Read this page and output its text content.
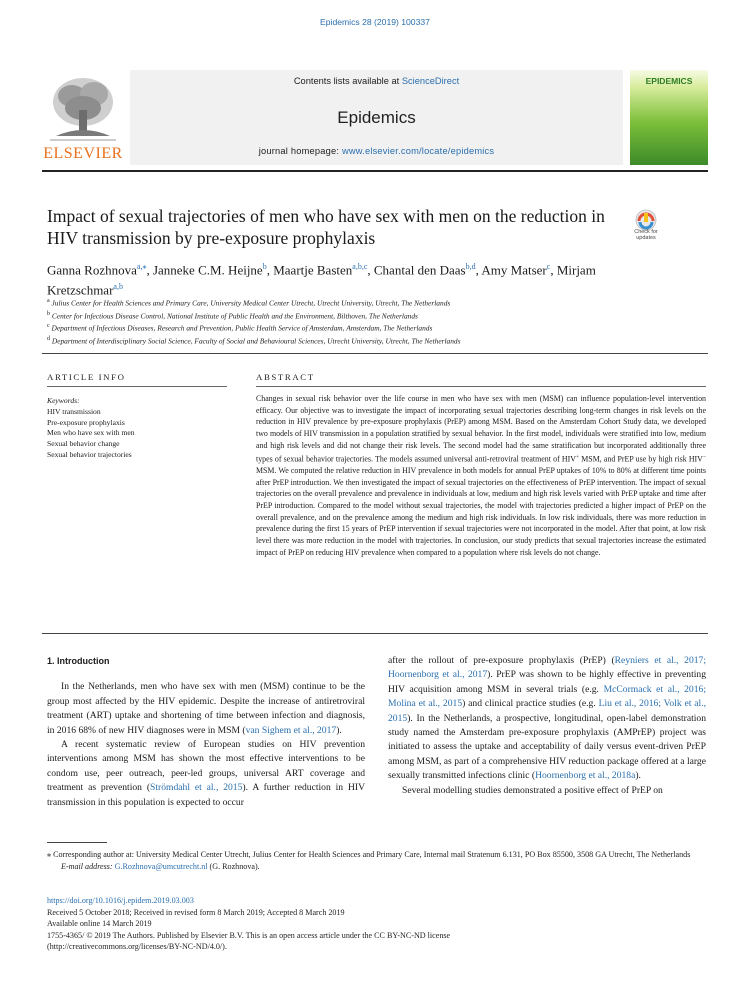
Epidemics 28 (2019) 100337
ELSEVIER
Contents lists available at ScienceDirect
Epidemics
journal homepage: www.elsevier.com/locate/epidemics
EPIDEMICS
Impact of sexual trajectories of men who have sex with men on the reduction in HIV transmission by pre-exposure prophylaxis	Check for
updates
Ganna Rozhnova$^{a,⁎}$, Janneke C.M. Heijne$^b$, Maartje Basten$^{a,b,c}$, Chantal den Daas$^{b,d}$, Amy Matser$^c$, Mirjam Kretzschmar$^{a,b}$
$^a$ Julius Center for Health Sciences and Primary Care, University Medical Center Utrecht, Utrecht University, Utrecht, The Netherlands
$^b$ Center for Infectious Disease Control, National Institute of Public Health and the Environment, Bilthoven, The Netherlands
$^c$ Department of Infectious Diseases, Research and Prevention, Public Health Service of Amsterdam, Amsterdam, The Netherlands
$^d$ Department of Interdisciplinary Social Science, Faculty of Social and Behavioural Sciences, Utrecht University, Utrecht, The Netherlands
ARTICLE INFO	ABSTRACT
Keywords:
HIV transmission
Pre-exposure prophylaxis
Men who have sex with men
Sexual behavior change
Sexual behavior trajectories
Changes in sexual risk behavior over the life course in men who have sex with men (MSM) can influence population-level intervention efficacy. Our objective was to investigate the impact of incorporating sexual trajectories describing long-term changes in risk levels on the reduction in HIV prevalence by pre-exposure prophylaxis (PrEP) among MSM. Based on the Amsterdam Cohort Study data, we developed two models of HIV transmission in a population stratified by sexual behavior. In the first model, individuals were stratified into low, medium and high risk levels and did not change their risk levels. The second model had the same stratification but incorporated additionally three types of sexual behavior trajectories. The models assumed universal anti-retroviral treatment of HIV+ MSM, and PrEP use by high risk HIV− MSM. We computed the relative reduction in HIV prevalence in both models for annual PrEP uptakes of 10% to 80% at different time points after PrEP introduction. We then investigated the impact of sexual trajectories on the effectiveness of PrEP intervention. The impact of sexual trajectories on the overall prevalence and prevalence in individuals at low, medium and high risk levels varied with PrEP uptake and time after PrEP introduction. Compared to the model without sexual trajectories, the model with trajectories predicted a higher impact of PrEP on the overall prevalence, and on the prevalence among the medium and high risk individuals. In low risk individuals, there was more reduction in prevalence during the first 15 years of PrEP intervention if sexual trajectories were not incorporated in the model. After that point, at low risk level there was more reduction in the model with trajectories. In conclusion, our study predicts that sexual trajectories increase the estimated impact of PrEP on reducing HIV prevalence when compared to a population where risk levels do not change.

1. Introduction

In the Netherlands, men who have sex with men (MSM) continue to be the group most affected by the HIV epidemic. Despite the increase of antiretroviral treatment (ART) uptake and shortening of time between infection and diagnosis, in 2016 68% of new HIV diagnoses were in MSM (van Sighem et al., 2017).

A recent systematic review of European studies on HIV prevention interventions among MSM has shown the most effective interventions to be condom use, peer outreach, peer-led groups, universal ART coverage and treatment as prevention (Strömdahl et al., 2015). A further reduction in HIV transmission in this population is expected to occur

after the rollout of pre-exposure prophylaxis (PrEP) (Reyniers et al., 2017; Hoornenborg et al., 2017). PrEP was shown to be highly effective in preventing HIV acquisition among MSM in several trials (e.g. McCormack et al., 2016; Molina et al., 2015) and clinical practice studies (e.g. Liu et al., 2016; Volk et al., 2015). In the Netherlands, a prospective, longitudinal, open-label demonstration study named the Amsterdam pre-exposure prophylaxis (AMPrEP) project was initiated to assess the uptake and acceptability of daily versus event-driven PrEP among MSM, as part of a comprehensive HIV reduction package offered at a large sexually transmitted infections clinic (Hoornenborg et al., 2018a).

Several modelling studies demonstrated a positive effect of PrEP on

⁎ Corresponding author at: University Medical Center Utrecht, Julius Center for Health Sciences and Primary Care, Internal mail Stratenum 6.131, PO Box 85500, 3508 GA Utrecht, The Netherlands
E-mail address: G.Rozhnova@umcutrecht.nl (G. Rozhnova).
https://doi.org/10.1016/j.epidem.2019.03.003
Received 5 October 2018; Received in revised form 8 March 2019; Accepted 8 March 2019
Available online 14 March 2019
1755-4365/ © 2019 The Authors. Published by Elsevier B.V. This is an open access article under the CC BY-NC-ND license
(http://creativecommons.org/licenses/BY-NC-ND/4.0/).
